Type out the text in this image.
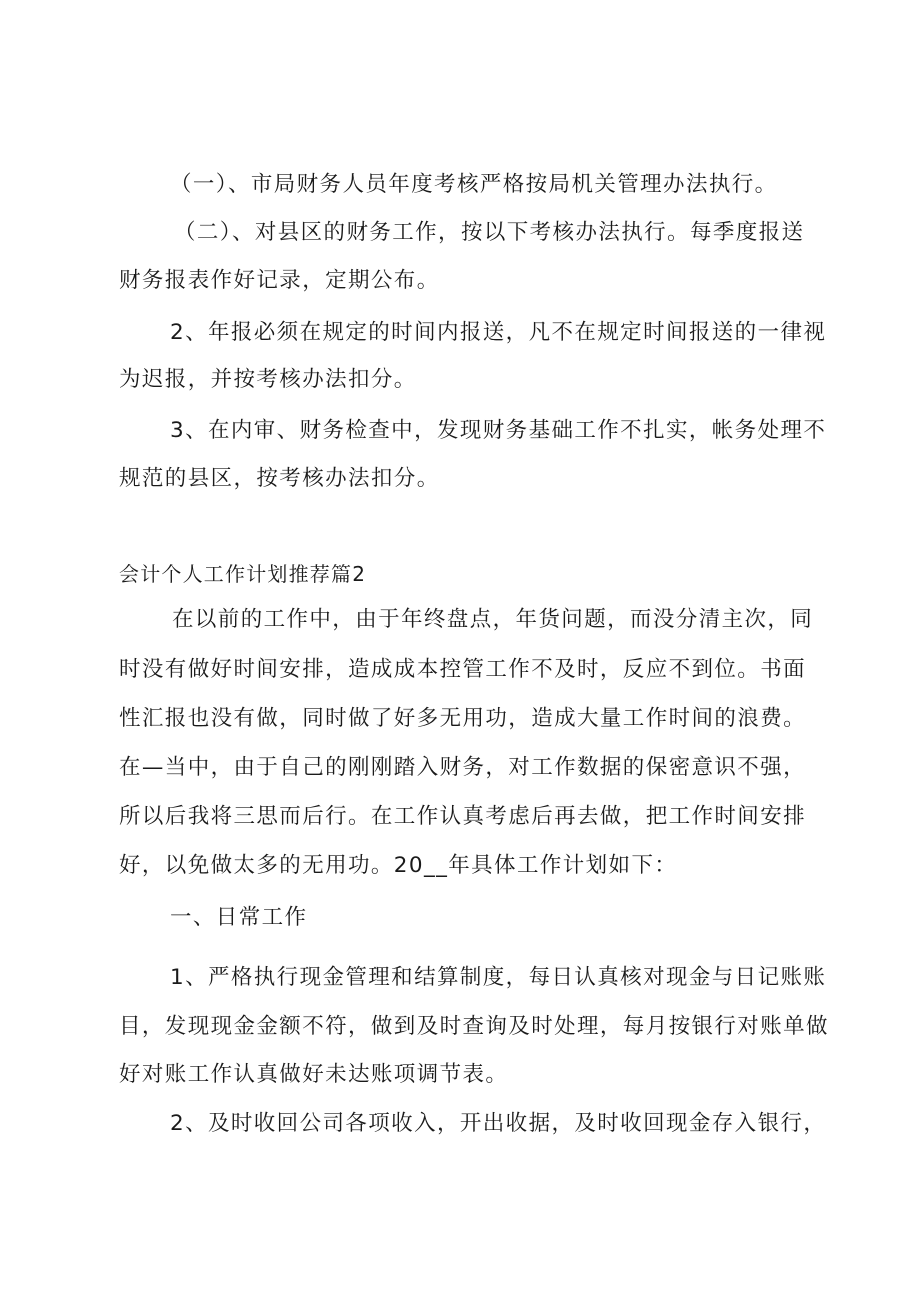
（一）、市局财务人员年度考核严格按局机关管理办法执行。

（二）、对县区的财务工作，按以下考核办法执行。每季度报送

财务报表作好记录，定期公布。

2、年报必须在规定的时间内报送，凡不在规定时间报送的一律视

为迟报，并按考核办法扣分。

3、在内审、财务检查中，发现财务基础工作不扎实，帐务处理不

规范的县区，按考核办法扣分。

会计个人工作计划推荐篇2

在以前的工作中，由于年终盘点，年货问题，而没分清主次，同

时没有做好时间安排，造成成本控管工作不及时，反应不到位。书面

性汇报也没有做，同时做了好多无用功，造成大量工作时间的浪费。

在—当中，由于自己的刚刚踏入财务，对工作数据的保密意识不强，

所以后我将三思而后行。在工作认真考虑后再去做，把工作时间安排

好，以免做太多的无用功。20__年具体工作计划如下：

一、日常工作

1、严格执行现金管理和结算制度，每日认真核对现金与日记账账

目，发现现金金额不符，做到及时查询及时处理，每月按银行对账单做

好对账工作认真做好未达账项调节表。

2、及时收回公司各项收入，开出收据，及时收回现金存入银行，
